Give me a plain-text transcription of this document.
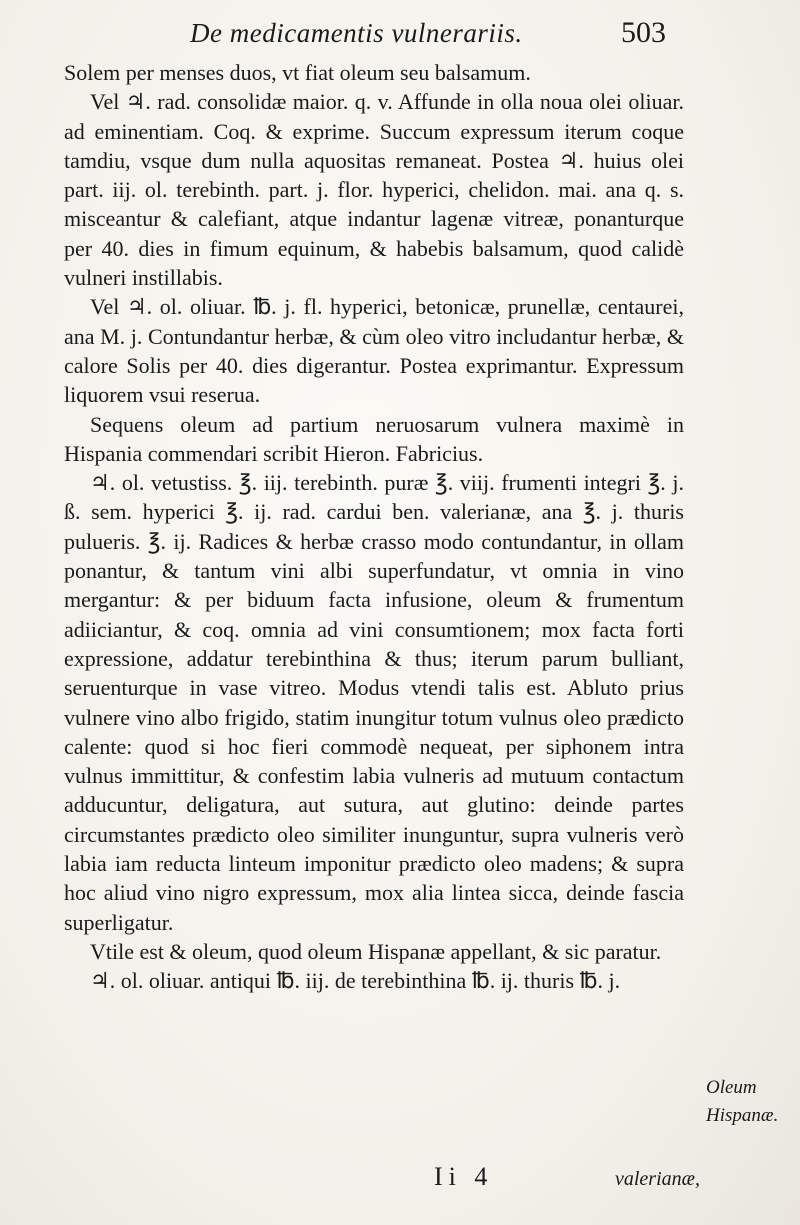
De medicamentis vulnerariis.	503

Solem per menses duos, vt fiat oleum seu balsamum.

Vel ♃. rad. consolidæ maior. q. v. Affunde in olla noua olei oliuar. ad eminentiam. Coq. & exprime. Succum expressum iterum coque tamdiu, vsque dum nulla aquositas remaneat. Postea ♃. huius olei part. iij. ol. terebinth. part. j. flor. hyperici, chelidon. mai. ana q. s. misceantur & calefiant, atque indantur lagenæ vitreæ, ponanturque per 40. dies in fimum equinum, & habebis balsamum, quod calidè vulneri instillabis.

Vel ♃. ol. oliuar. ℔. j. fl. hyperici, betonicæ, prunellæ, centaurei, ana M. j. Contundantur herbæ, & cùm oleo vitro includantur herbæ, & calore Solis per 40. dies digerantur. Postea exprimantur. Expressum liquorem vsui reserua.

Sequens oleum ad partium neruosarum vulnera maximè in Hispania commendari scribit Hieron. Fabricius.

♃. ol. vetustiss. ℥. iij. terebinth. puræ ℥. viij. frumenti integri ℥. j. ß. sem. hyperici ℥. ij. rad. cardui ben. valerianæ, ana ℥. j. thuris pulueris. ℥. ij. Radices & herbæ crasso modo contundantur, in ollam ponantur, & tantum vini albi superfundatur, vt omnia in vino mergantur: & per biduum facta infusione, oleum & frumentum adiiciantur, & coq. omnia ad vini consumtionem; mox facta forti expressione, addatur terebinthina & thus; iterum parum bulliant, seruenturque in vase vitreo. Modus vtendi talis est. Abluto prius vulnere vino albo frigido, statim inungitur totum vulnus oleo prædicto calente: quod si hoc fieri commodè nequeat, per siphonem intra vulnus immittitur, & confestim labia vulneris ad mutuum contactum adducuntur, deligatura, aut sutura, aut glutino: deinde partes circumstantes prædicto oleo similiter inunguntur, supra vulneris verò labia iam reducta linteum imponitur prædicto oleo madens; & supra hoc aliud vino nigro expressum, mox alia lintea sicca, deinde fascia superligatur.

Vtile est & oleum, quod oleum Hispanæ appellant, & sic paratur.

♃. ol. oliuar. antiqui ℔. iij. de terebinthina ℔. ij. thuris ℔. j.

Oleum Hispanæ.
Ii 4	valerianæ,
